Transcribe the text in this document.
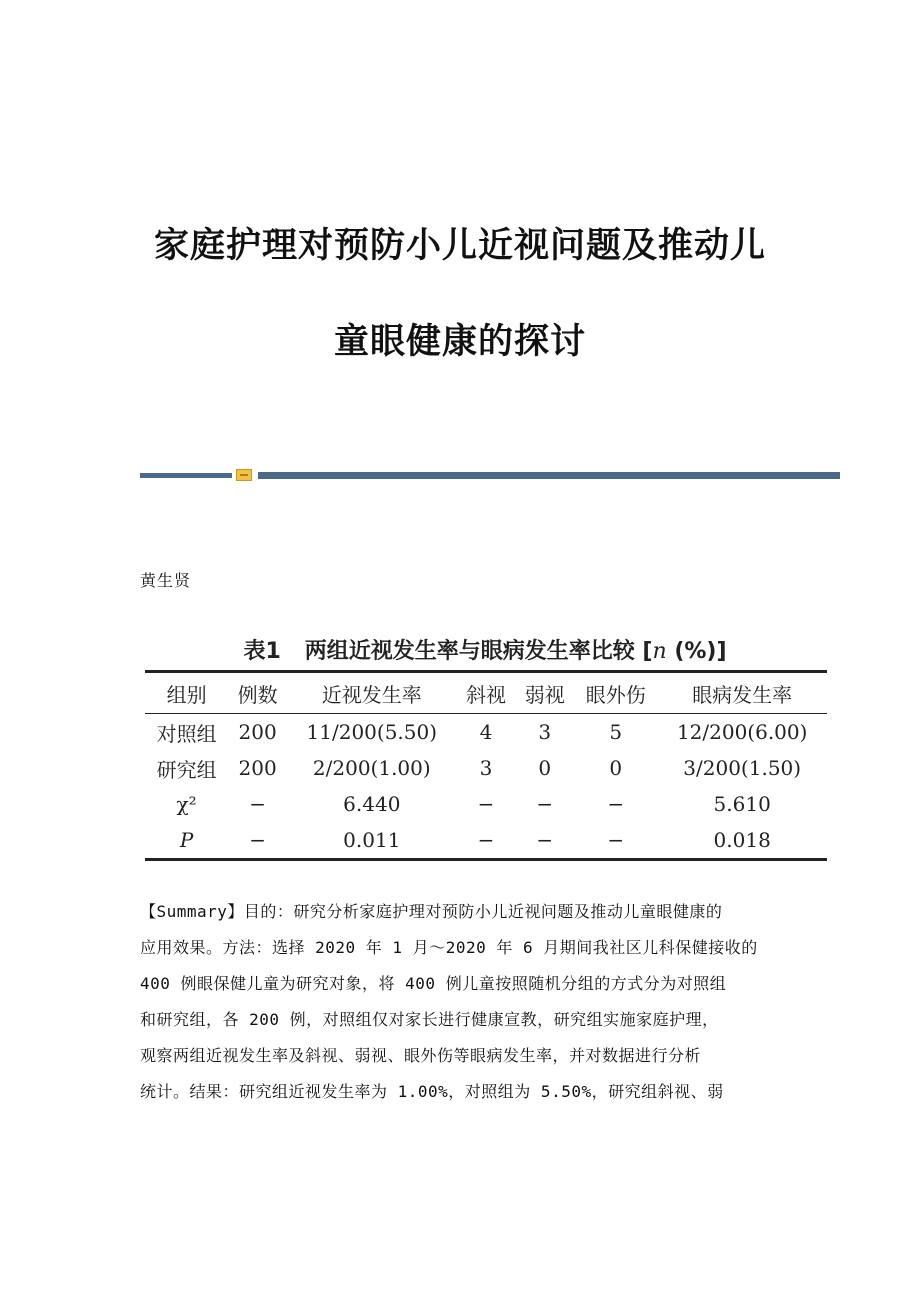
家庭护理对预防小儿近视问题及推动儿
童眼健康的探讨
黄生贤
表1 两组近视发生率与眼病发生率比较 [n (%)]
组别	例数	近视发生率	斜视	弱视	眼外伤	眼病发生率
对照组	200	11/200(5.50)	4	3	5	12/200(6.00)
研究组	200	2/200(1.00)	3	0	0	3/200(1.50)
χ²	−	6.440	−	−	−	5.610
P	−	0.011	−	−	−	0.018

【Summary】目的：研究分析家庭护理对预防小儿近视问题及推动儿童眼健康的

应用效果。方法：选择 2020 年 1 月～2020 年 6 月期间我社区儿科保健接收的

400 例眼保健儿童为研究对象，将 400 例儿童按照随机分组的方式分为对照组

和研究组，各 200 例，对照组仅对家长进行健康宣教，研究组实施家庭护理，

观察两组近视发生率及斜视、弱视、眼外伤等眼病发生率，并对数据进行分析

统计。结果：研究组近视发生率为 1.00%，对照组为 5.50%，研究组斜视、弱
